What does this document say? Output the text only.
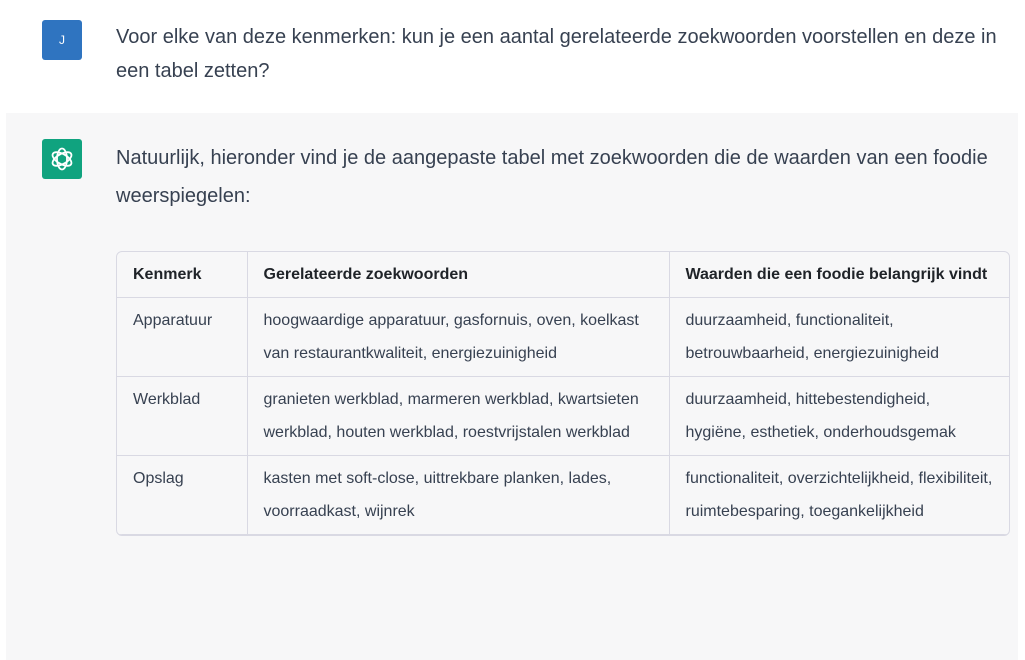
J	Voor elke van deze kenmerken: kun je een aantal gerelateerde zoekwoorden voorstellen en deze in een tabel zetten?
Natuurlijk, hieronder vind je de aangepaste tabel met zoekwoorden die de waarden van een foodie weerspiegelen:
Kenmerk	Gerelateerde zoekwoorden	Waarden die een foodie belangrijk vindt
Apparatuur	hoogwaardige apparatuur, gasfornuis, oven, koelkast van restaurantkwaliteit, energiezuinigheid	duurzaamheid, functionaliteit, betrouwbaarheid, energiezuinigheid
Werkblad	granieten werkblad, marmeren werkblad, kwartsieten werkblad, houten werkblad, roestvrijstalen werkblad	duurzaamheid, hittebestendigheid, hygiëne, esthetiek, onderhoudsgemak
Opslag	kasten met soft-close, uittrekbare planken, lades, voorraadkast, wijnrek	functionaliteit, overzichtelijkheid, flexibiliteit, ruimtebesparing, toegankelijkheid
